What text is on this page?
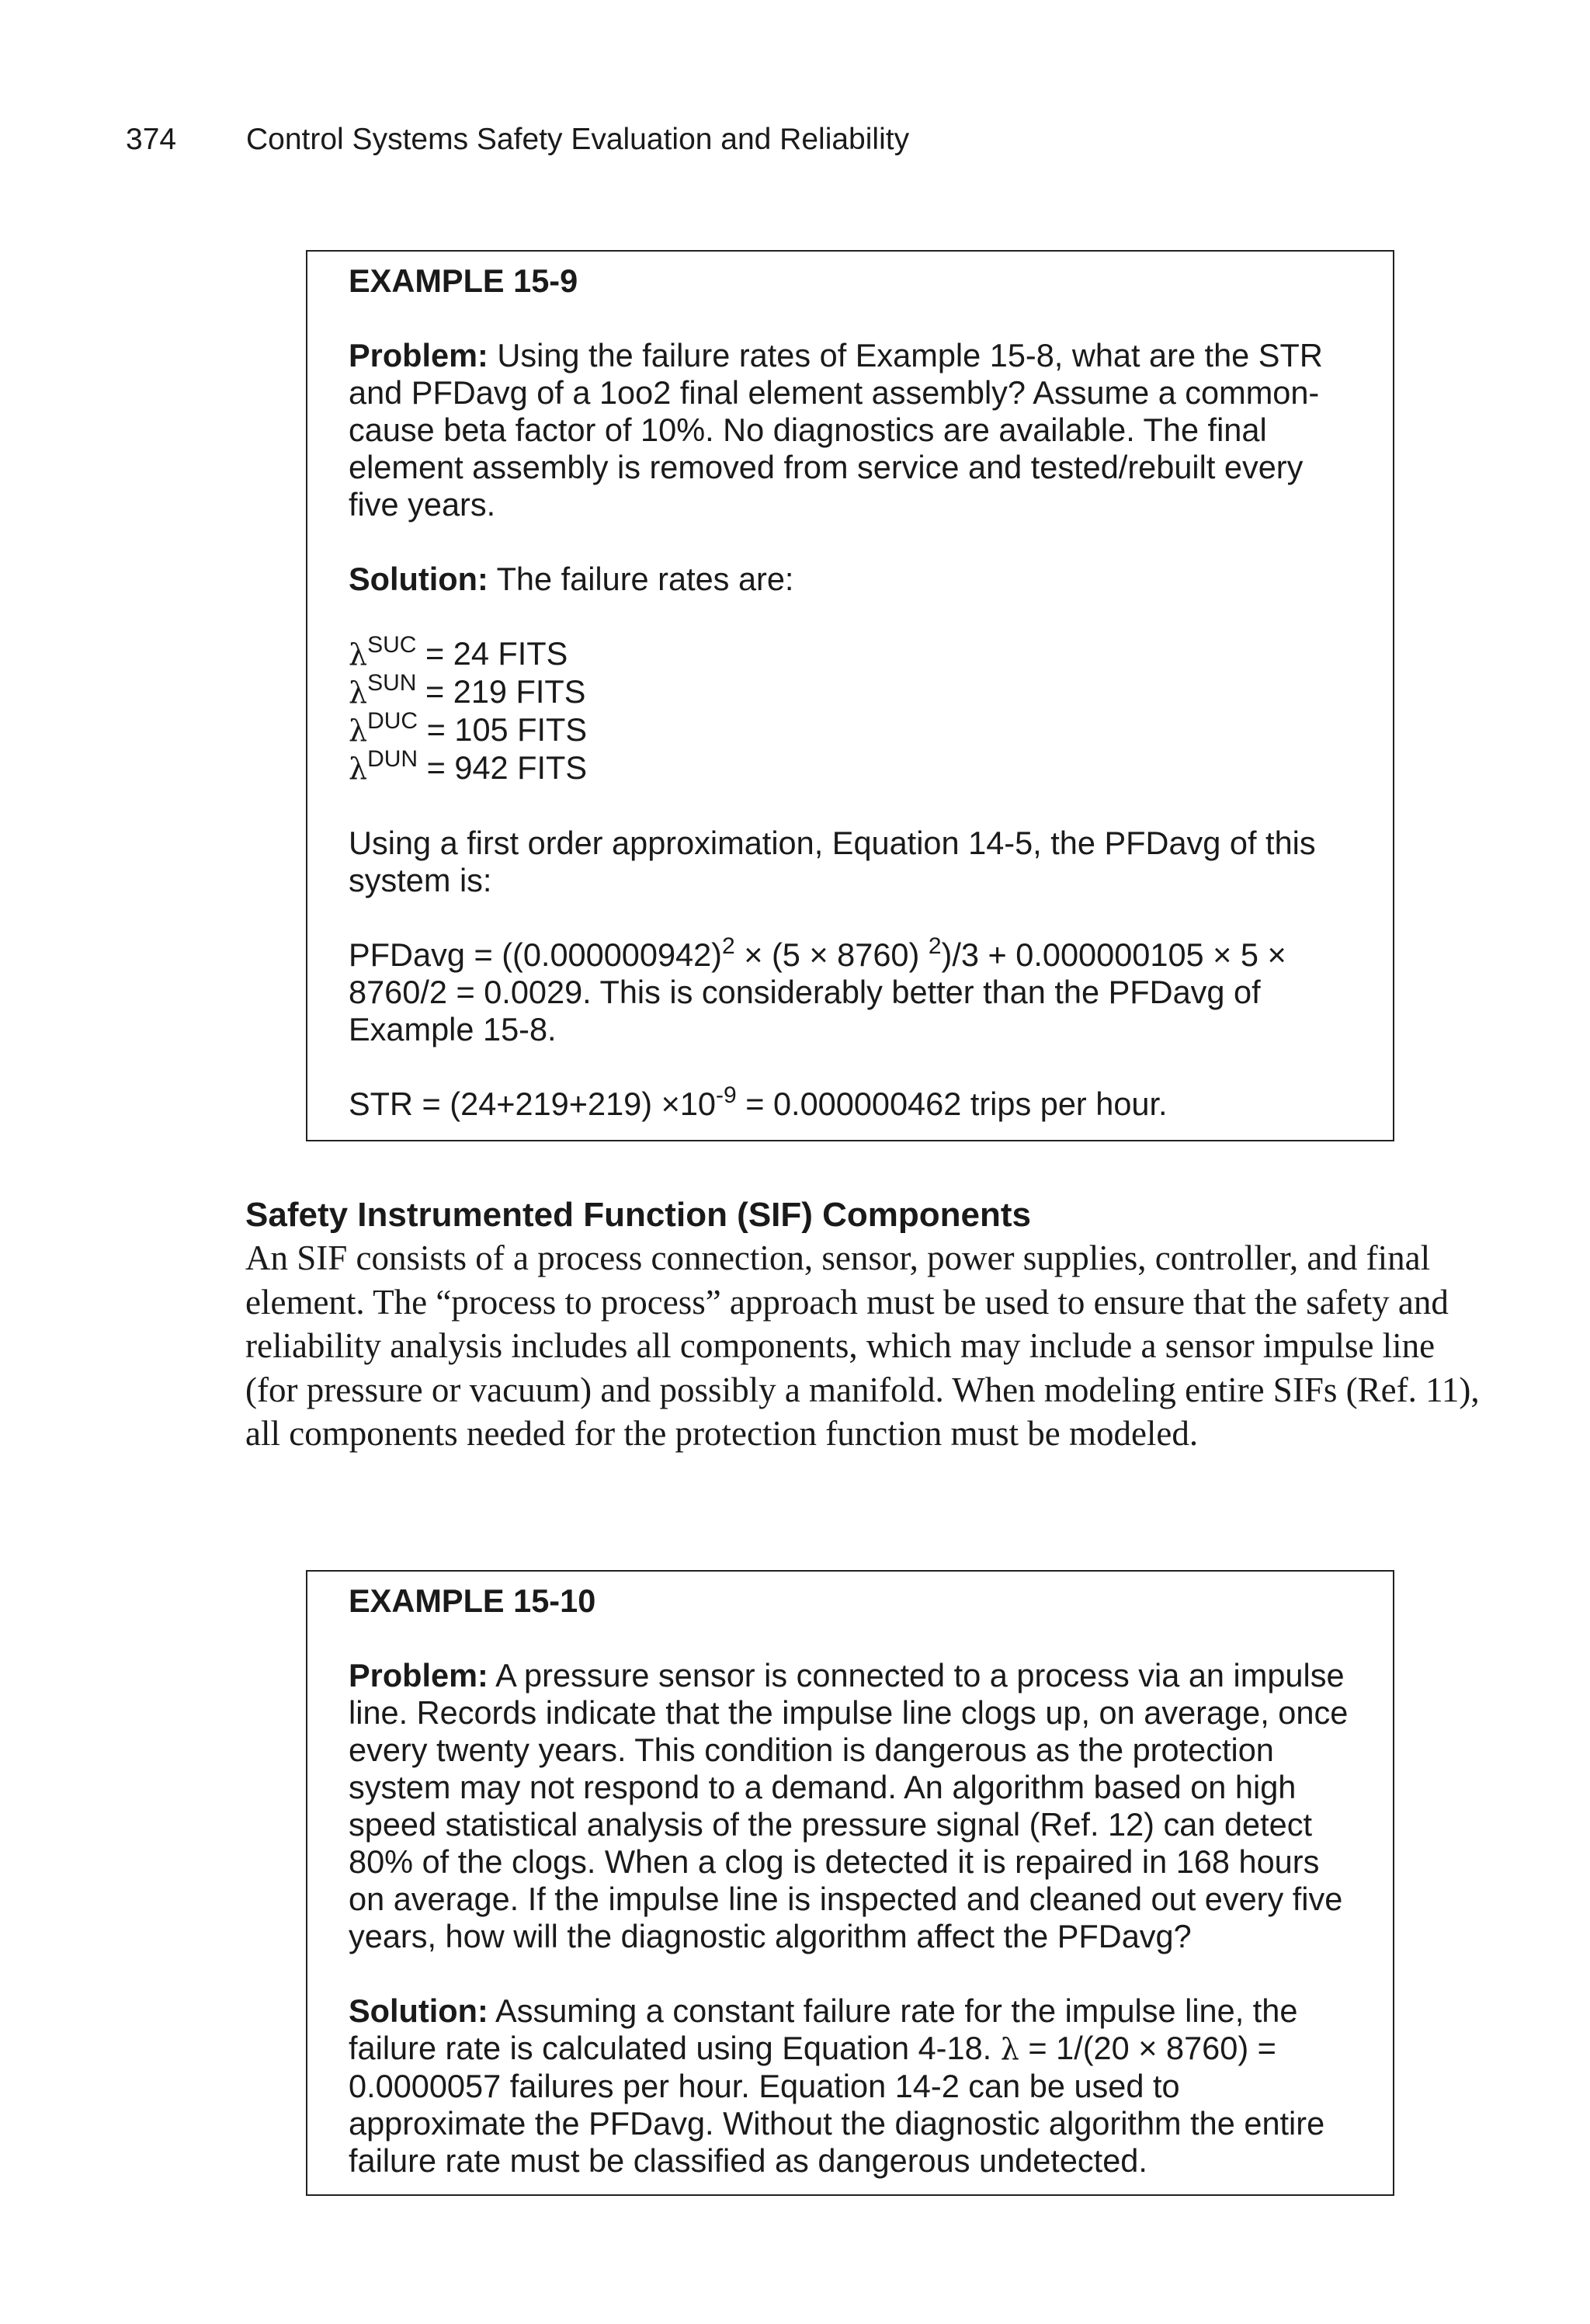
374 Control Systems Safety Evaluation and Reliability

EXAMPLE 15-9

Problem: Using the failure rates of Example 15-8, what are the STR and PFDavg of a 1oo2 final element assembly? Assume a common-cause beta factor of 10%. No diagnostics are available. The final element assembly is removed from service and tested/rebuilt every five years.

Solution: The failure rates are:

$\lambda^{SUC} = 24$ FITS

$\lambda^{SUN} = 219$ FITS

$\lambda^{DUC} = 105$ FITS

$\lambda^{DUN} = 942$ FITS

Using a first order approximation, Equation 14-5, the PFDavg of this system is:

PFDavg = $((0.000000942)^2 \times (5 \times 8760) ^2)/3 + 0.000000105 \times 5 \times 8760/2 = 0.0029$. This is considerably better than the PFDavg of Example 15-8.

STR = $(24+219+219) \times 10^{-9} = 0.000000462$ trips per hour.

Safety Instrumented Function (SIF) Components

An SIF consists of a process connection, sensor, power supplies, controller, and final element. The “process to process” approach must be used to ensure that the safety and reliability analysis includes all components, which may include a sensor impulse line (for pressure or vacuum) and possibly a manifold. When modeling entire SIFs (Ref. 11), all components needed for the protection function must be modeled.

EXAMPLE 15-10

Problem: A pressure sensor is connected to a process via an impulse line. Records indicate that the impulse line clogs up, on average, once every twenty years. This condition is dangerous as the protection system may not respond to a demand. An algorithm based on high speed statistical analysis of the pressure signal (Ref. 12) can detect 80% of the clogs. When a clog is detected it is repaired in 168 hours on average. If the impulse line is inspected and cleaned out every five years, how will the diagnostic algorithm affect the PFDavg?

Solution: Assuming a constant failure rate for the impulse line, the failure rate is calculated using Equation 4-18. λ = 1/(20 × 8760) = 0.0000057 failures per hour. Equation 14-2 can be used to approximate the PFDavg. Without the diagnostic algorithm the entire failure rate must be classified as dangerous undetected.
